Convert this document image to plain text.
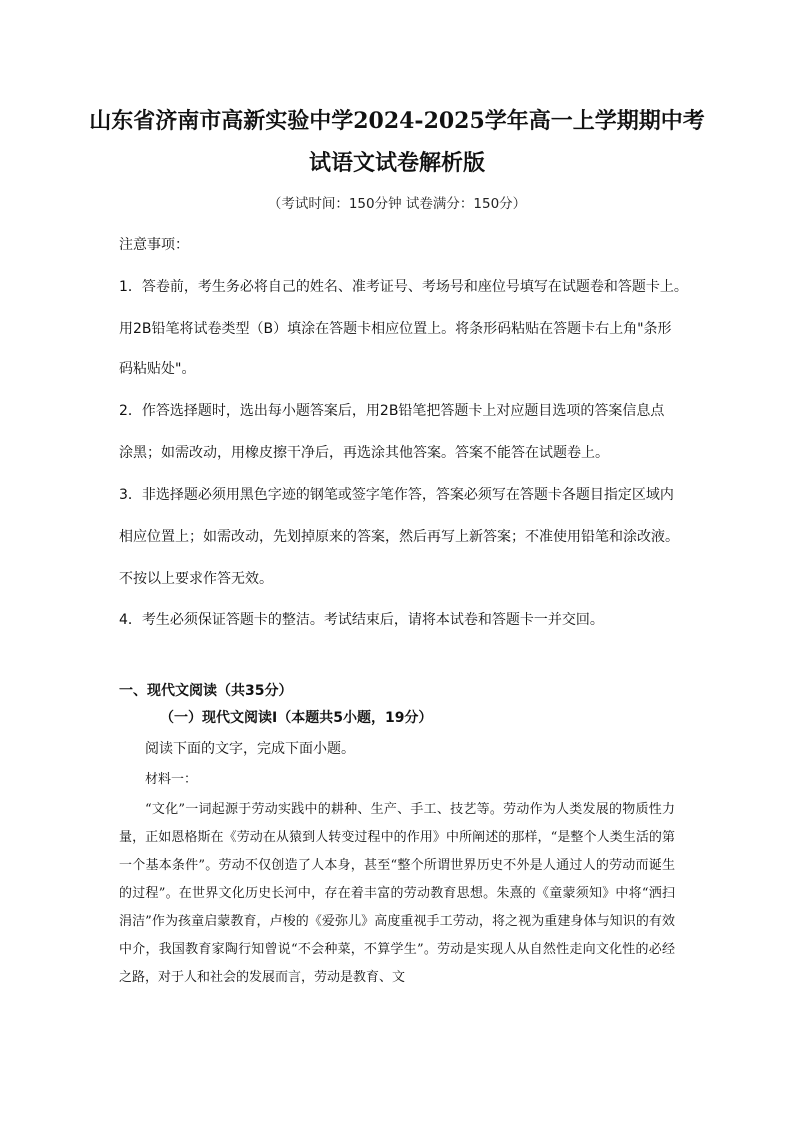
山东省济南市高新实验中学2024-2025学年高一上学期期中考
试语文试卷解析版
（考试时间：150分钟 试卷满分：150分）
注意事项：
1．答卷前，考生务必将自己的姓名、准考证号、考场号和座位号填写在试题卷和答题卡上。
用2B铅笔将试卷类型（B）填涂在答题卡相应位置上。将条形码粘贴在答题卡右上角"条形
码粘贴处"。
2．作答选择题时，选出每小题答案后，用2B铅笔把答题卡上对应题目选项的答案信息点
涂黑；如需改动，用橡皮擦干净后，再选涂其他答案。答案不能答在试题卷上。
3．非选择题必须用黑色字迹的钢笔或签字笔作答，答案必须写在答题卡各题目指定区域内
相应位置上；如需改动，先划掉原来的答案，然后再写上新答案；不准使用铅笔和涂改液。
不按以上要求作答无效。
4．考生必须保证答题卡的整洁。考试结束后，请将本试卷和答题卡一并交回。
一、现代文阅读（共35分）
（一）现代文阅读Ⅰ（本题共5小题，19分）
阅读下面的文字，完成下面小题。
材料一：

“文化”一词起源于劳动实践中的耕种、生产、手工、技艺等。劳动作为人类发展的物质性力量，正如恩格斯在《劳动在从猿到人转变过程中的作用》中所阐述的那样，“是整个人类生活的第一个基本条件”。劳动不仅创造了人本身，甚至“整个所谓世界历史不外是人通过人的劳动而诞生的过程”。在世界文化历史长河中，存在着丰富的劳动教育思想。朱熹的《童蒙须知》中将“洒扫涓洁”作为孩童启蒙教育，卢梭的《爱弥儿》高度重视手工劳动，将之视为重建身体与知识的有效中介，我国教育家陶行知曾说“不会种菜，不算学生”。劳动是实现人从自然性走向文化性的必经之路，对于人和社会的发展而言，劳动是教育、文
